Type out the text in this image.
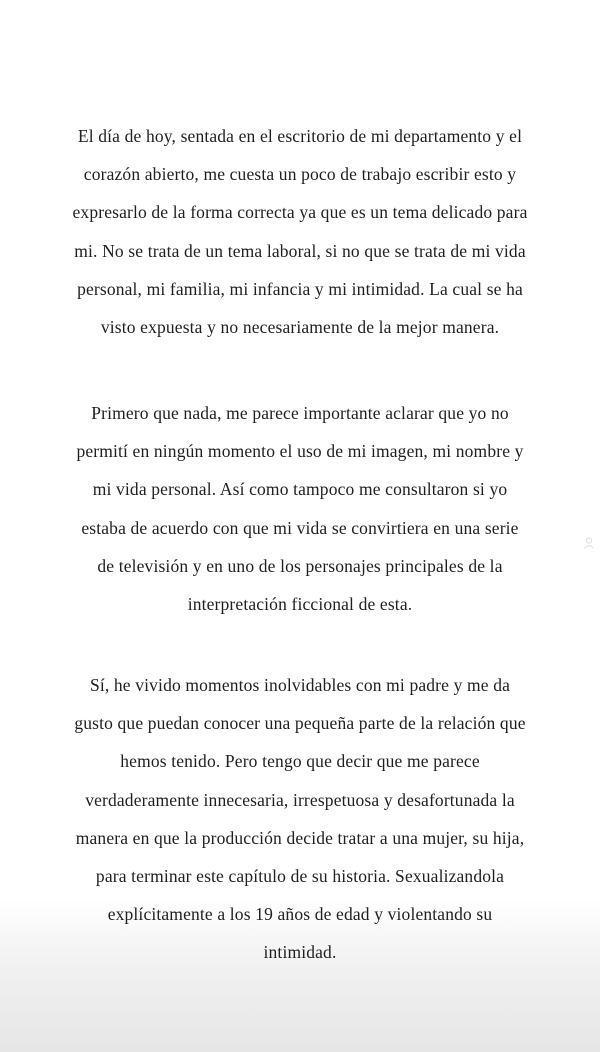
El día de hoy, sentada en el escritorio de mi departamento y el
corazón abierto, me cuesta un poco de trabajo escribir esto y
expresarlo de la forma correcta ya que es un tema delicado para
mi. No se trata de un tema laboral, si no que se trata de mi vida
personal, mi familia, mi infancia y mi intimidad. La cual se ha
visto expuesta y no necesariamente de la mejor manera.

Primero que nada, me parece importante aclarar que yo no
permití en ningún momento el uso de mi imagen, mi nombre y
mi vida personal. Así como tampoco me consultaron si yo
estaba de acuerdo con que mi vida se convirtiera en una serie
de televisión y en uno de los personajes principales de la
interpretación ficcional de esta.

Sí, he vivido momentos inolvidables con mi padre y me da
gusto que puedan conocer una pequeña parte de la relación que
hemos tenido. Pero tengo que decir que me parece
verdaderamente innecesaria, irrespetuosa y desafortunada la
manera en que la producción decide tratar a una mujer, su hija,
para terminar este capítulo de su historia. Sexualizandola
explícitamente a los 19 años de edad y violentando su
intimidad.
